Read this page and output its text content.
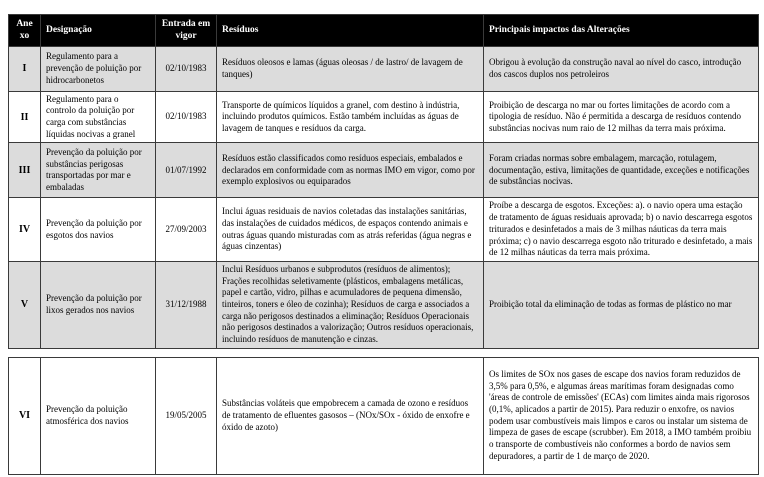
Anexo	Designação	Entrada em vigor	Resíduos	Principais impactos das Alterações
I	Regulamento para a prevenção de poluição por hidrocarbonetos	02/10/1983	Resíduos oleosos e lamas (águas oleosas / de lastro/ de lavagem de tanques)	Obrigou à evolução da construção naval ao nível do casco, introdução dos cascos duplos nos petroleiros
II	Regulamento para o controlo da poluição por carga com substâncias líquidas nocivas a granel	02/10/1983	Transporte de químicos líquidos a granel, com destino à indústria, incluindo produtos químicos. Estão também incluídas as águas de lavagem de tanques e resíduos da carga.	Proibição de descarga no mar ou fortes limitações de acordo com a tipologia de resíduo. Não é permitida a descarga de resíduos contendo substâncias nocivas num raio de 12 milhas da terra mais próxima.
III	Prevenção da poluição por substâncias perigosas transportadas por mar e embaladas	01/07/1992	Resíduos estão classificados como resíduos especiais, embalados e declarados em conformidade com as normas IMO em vigor, como por exemplo explosivos ou equiparados	Foram criadas normas sobre embalagem, marcação, rotulagem, documentação, estiva, limitações de quantidade, exceções e notificações de substâncias nocivas.
IV	Prevenção da poluição por esgotos dos navios	27/09/2003	Inclui águas residuais de navios coletadas das instalações sanitárias, das instalações de cuidados médicos, de espaços contendo animais e outras águas quando misturadas com as atrás referidas (água negras e águas cinzentas)	Proíbe a descarga de esgotos. Exceções: a). o navio opera uma estação de tratamento de águas residuais aprovada; b) o navio descarrega esgotos triturados e desinfetados a mais de 3 milhas náuticas da terra mais próxima; c) o navio descarrega esgoto não triturado e desinfetado, a mais de 12 milhas náuticas da terra mais próxima.
V	Prevenção da poluição por lixos gerados nos navios	31/12/1988	Inclui Resíduos urbanos e subprodutos (resíduos de alimentos); Frações recolhidas seletivamente (plásticos, embalagens metálicas, papel e cartão, vidro, pilhas e acumuladores de pequena dimensão, tinteiros, toners e óleo de cozinha); Resíduos de carga e associados a carga não perigosos destinados a eliminação; Resíduos Operacionais não perigosos destinados a valorização; Outros resíduos operacionais, incluindo resíduos de manutenção e cinzas.	Proibição total da eliminação de todas as formas de plástico no mar
VI	Prevenção da poluição atmosférica dos navios	19/05/2005	Substâncias voláteis que empobrecem a camada de ozono e resíduos de tratamento de efluentes gasosos – (NOx/SOx - óxido de enxofre e óxido de azoto)	Os limites de SOx nos gases de escape dos navios foram reduzidos de 3,5% para 0,5%, e algumas áreas marítimas foram designadas como 'áreas de controle de emissões' (ECAs) com limites ainda mais rigorosos (0,1%, aplicados a partir de 2015). Para reduzir o enxofre, os navios podem usar combustíveis mais limpos e caros ou instalar um sistema de limpeza de gases de escape (scrubber). Em 2018, a IMO também proibiu o transporte de combustíveis não conformes a bordo de navios sem depuradores, a partir de 1 de março de 2020.
